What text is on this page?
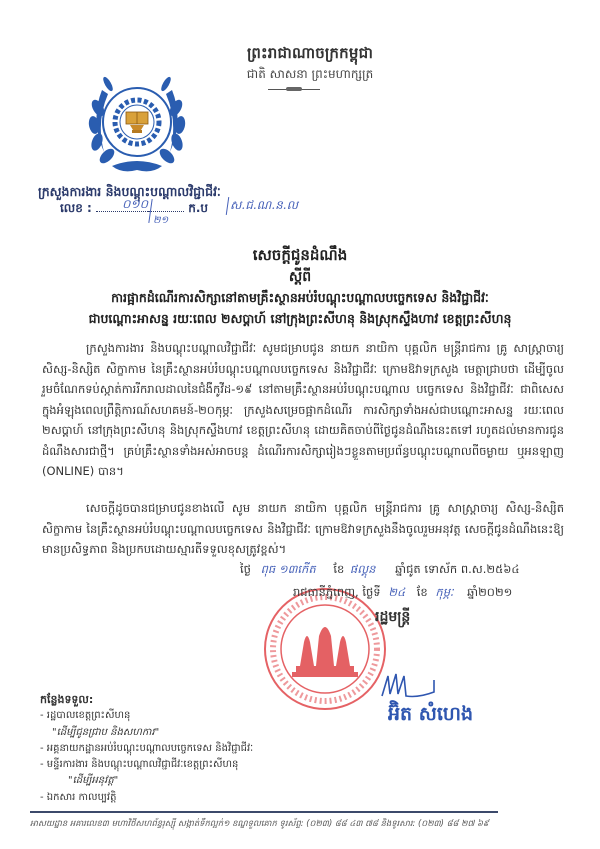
ព្រះរាជាណាចក្រកម្ពុជា
ជាតិ សាសនា ព្រះមហាក្សត្រ
ក្រសួងការងារ និងបណ្តុះបណ្តាលវិជ្ជាជីវៈ
លេខ :	ក.ប
០១០
២១
ស.ជ.ណ.ន.ល
សេចក្តីជូនដំណឹង
ស្តីពី
ការផ្អាកដំណើរការសិក្សានៅតាមគ្រឹះស្ថានអប់រំបណ្តុះបណ្តាលបច្ចេកទេស និងវិជ្ជាជីវៈ
ជាបណ្តោះអាសន្ន រយៈពេល ២សប្តាហ៍ នៅក្រុងព្រះសីហនុ និងស្រុកស្ទឹងហាវ ខេត្តព្រះសីហនុ

ក្រសួងការងារ និងបណ្តុះបណ្តាលវិជ្ជាជីវៈ សូមជម្រាបជូន នាយក នាយិកា បុគ្គលិក មន្ត្រីរាជការ គ្រូ សាស្ត្រាចារ្យ សិស្ស-និស្សិត សិក្ខាកាម នៃគ្រឹះស្ថានអប់រំបណ្តុះបណ្តាលបច្ចេកទេស និងវិជ្ជាជីវៈ ក្រោមឱវាទក្រសួង មេត្តាជ្រាបថា ដើម្បីចូលរួមចំណែកទប់ស្កាត់ការរីករាលដាលនៃជំងឺកូវីដ-១៩ នៅតាមគ្រឹះស្ថានអប់រំបណ្តុះបណ្តាល បច្ចេកទេស និងវិជ្ជាជីវៈ ជាពិសេសក្នុងអំឡុងពេលព្រឹត្តិការណ៍សហគមន៍-២០កុម្ភៈ ក្រសួងសម្រេចផ្អាកដំណើរ ការសិក្សាទាំងអស់ជាបណ្តោះអាសន្ន រយៈពេល ២សប្តាហ៍ នៅក្រុងព្រះសីហនុ និងស្រុកស្ទឹងហាវ ខេត្តព្រះសីហនុ ដោយគិតចាប់ពីថ្ងៃជូនដំណឹងនេះតទៅ រហូតដល់មានការជូនដំណឹងសារជាថ្មី។ គ្រប់គ្រឹះស្ថានទាំងអស់អាចបន្ត ដំណើរការសិក្សារៀងៗខ្លួនតាមប្រព័ន្ធបណ្តុះបណ្តាលពីចម្ងាយ ឬអនឡាញ (ONLINE) បាន។

សេចក្តីដូចបានជម្រាបជូនខាងលើ សូម នាយក នាយិកា បុគ្គលិក មន្ត្រីរាជការ គ្រូ សាស្ត្រាចារ្យ សិស្ស-និស្សិត សិក្ខាកាម នៃគ្រឹះស្ថានអប់រំបណ្តុះបណ្តាលបច្ចេកទេស និងវិជ្ជាជីវៈ ក្រោមឱវាទក្រសួងនឹងចូលរួមអនុវត្ត សេចក្តីជូនដំណឹងនេះឱ្យមានប្រសិទ្ធភាព និងប្រកបដោយស្មារតីទទួលខុសត្រូវខ្ពស់។

ថ្ងៃ ពុធ ១៣កើត ខែ ផល្គុន ឆ្នាំជូត ទោស័ក ព.ស.២៥៦៤
រាជធានីភ្នំពេញ, ថ្ងៃទី ២៤ ខែ កុម្ភៈ ឆ្នាំ២០២១
រដ្ឋមន្ត្រី
អ៊ិត សំហេង
កន្លែងទទួល:
- រដ្ឋបាលខេត្តព្រះសីហនុ
"ដើម្បីជូនជ្រាប និងសហការ"
- អគ្គនាយកដ្ឋានអប់រំបណ្តុះបណ្តាលបច្ចេកទេស និងវិជ្ជាជីវៈ
- មន្ទីរការងារ និងបណ្តុះបណ្តាលវិជ្ជាជីវៈខេត្តព្រះសីហនុ
"ដើម្បីអនុវត្ត"
- ឯកសារ កាលប្បវត្តិ
អាសយដ្ឋាន អគារលេខ៣ មហាវិថីសហព័ន្ធរុស្ស៊ី សង្កាត់ទឹកល្អក់១ ខណ្ឌទួលគោក ទូរស័ព្ទ: (០២៣) ៨៨ ៤៣ ៧៨ និងទូរសារ: (០២៣) ៨៨ ២៧ ៦៩
